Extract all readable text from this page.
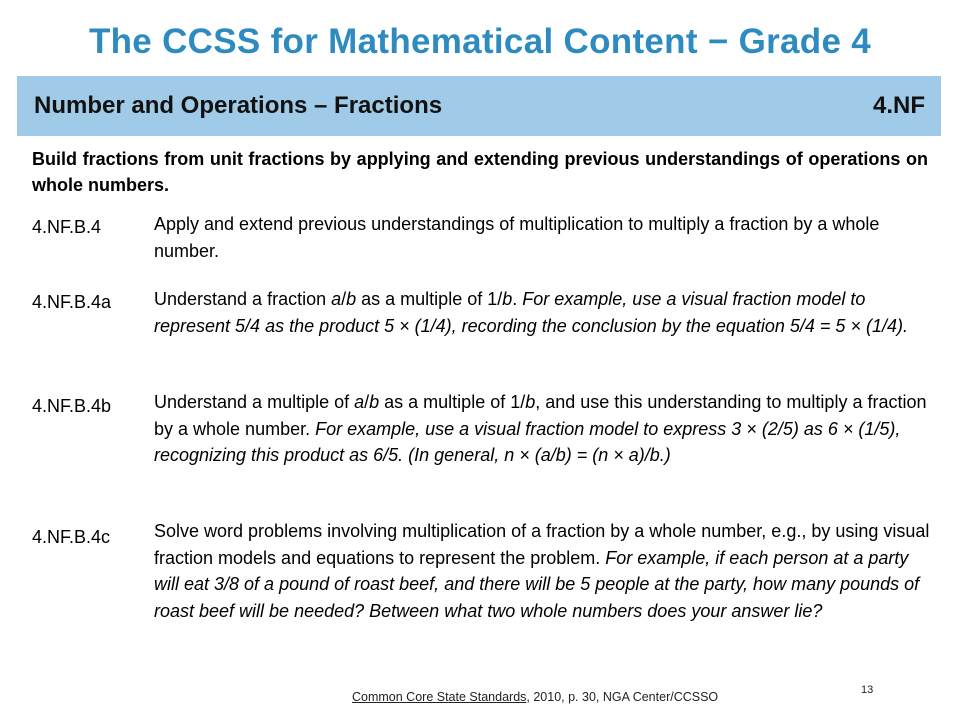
The CCSS for Mathematical Content − Grade 4
Number and Operations – Fractions	4.NF

Build fractions from unit fractions by applying and extending previous understandings of operations on whole numbers.

4.NF.B.4	Apply and extend previous understandings of multiplication to multiply a fraction by a whole number.

4.NF.B.4a Understand a fraction a/b as a multiple of 1/b. For example, use a visual fraction model to represent 5/4 as the product 5 × (1/4), recording the conclusion by the equation 5/4 = 5 × (1/4).

4.NF.B.4b Understand a multiple of a/b as a multiple of 1/b, and use this understanding to multiply a fraction by a whole number. For example, use a visual fraction model to express 3 × (2/5) as 6 × (1/5), recognizing this product as 6/5. (In general, n × (a/b) = (n × a)/b.)

4.NF.B.4c Solve word problems involving multiplication of a fraction by a whole number, e.g., by using visual fraction models and equations to represent the problem. For example, if each person at a party will eat 3/8 of a pound of roast beef, and there will be 5 people at the party, how many pounds of roast beef will be needed? Between what two whole numbers does your answer lie?

Common Core State Standards, 2010, p. 30, NGA Center/CCSSO	13
